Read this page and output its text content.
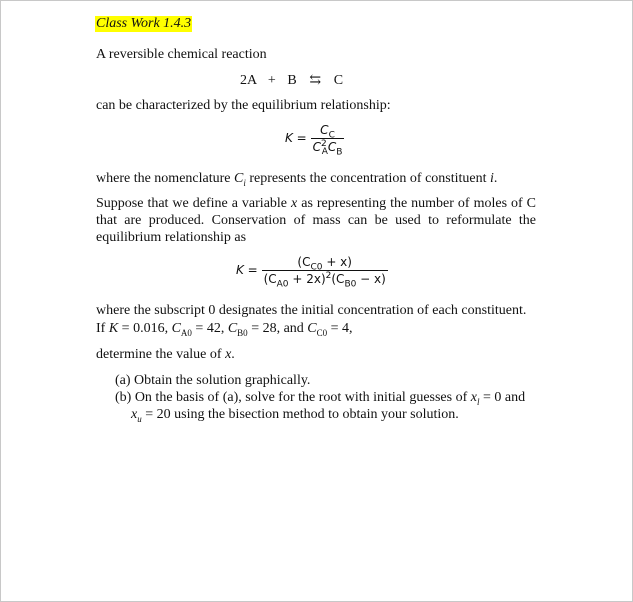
Class Work 1.4.3
A reversible chemical reaction
2A + B ⇆ C
can be characterized by the equilibrium relationship:
$K = \frac{C_C}{C^2_AC_B}$
where the nomenclature $C_i$ represents the concentration of constituent i.
Suppose that we define a variable x as representing the number of moles of C that are produced. Conservation of mass can be used to reformulate the equilibrium relationship as
$K = \frac{(C_{C0} + x)}{(C_{A0} + 2x)^2(C_{B0} - x)}$
where the subscript 0 designates the initial concentration of each constituent.
If K = 0.016, $C_{A0} = 42$, $C_{B0} = 28$, and $C_{C0} = 4$,
determine the value of x.
(a) Obtain the solution graphically.
(b) On the basis of (a), solve for the root with initial guesses of $x_l = 0$ and
$x_u = 20$ using the bisection method to obtain your solution.
